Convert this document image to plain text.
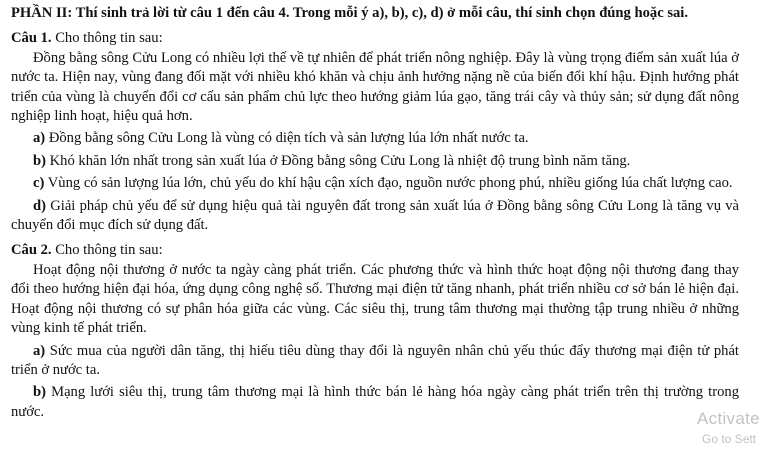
PHẦN II: Thí sinh trả lời từ câu 1 đến câu 4. Trong mỗi ý a), b), c), d) ở mỗi câu, thí sinh chọn đúng hoặc sai.

Câu 1. Cho thông tin sau:

Đồng bằng sông Cửu Long có nhiều lợi thế về tự nhiên để phát triển nông nghiệp. Đây là vùng trọng điểm sản xuất lúa ở nước ta. Hiện nay, vùng đang đối mặt với nhiều khó khăn và chịu ảnh hưởng nặng nề của biến đổi khí hậu. Định hướng phát triển của vùng là chuyển đổi cơ cấu sản phẩm chủ lực theo hướng giảm lúa gạo, tăng trái cây và thủy sản; sử dụng đất nông nghiệp linh hoạt, hiệu quả hơn.

a) Đồng bằng sông Cửu Long là vùng có diện tích và sản lượng lúa lớn nhất nước ta.

b) Khó khăn lớn nhất trong sản xuất lúa ở Đồng bằng sông Cửu Long là nhiệt độ trung bình năm tăng.

c) Vùng có sản lượng lúa lớn, chủ yếu do khí hậu cận xích đạo, nguồn nước phong phú, nhiều giống lúa chất lượng cao.

d) Giải pháp chủ yếu để sử dụng hiệu quả tài nguyên đất trong sản xuất lúa ở Đồng bằng sông Cửu Long là tăng vụ và chuyển đổi mục đích sử dụng đất.

Câu 2. Cho thông tin sau:

Hoạt động nội thương ở nước ta ngày càng phát triển. Các phương thức và hình thức hoạt động nội thương đang thay đổi theo hướng hiện đại hóa, ứng dụng công nghệ số. Thương mại điện tử tăng nhanh, phát triển nhiều cơ sở bán lẻ hiện đại. Hoạt động nội thương có sự phân hóa giữa các vùng. Các siêu thị, trung tâm thương mại thường tập trung nhiều ở những vùng kinh tế phát triển.

a) Sức mua của người dân tăng, thị hiếu tiêu dùng thay đổi là nguyên nhân chủ yếu thúc đẩy thương mại điện tử phát triển ở nước ta.

b) Mạng lưới siêu thị, trung tâm thương mại là hình thức bán lẻ hàng hóa ngày càng phát triển trên thị trường trong nước.	Activate
Go to Sett
